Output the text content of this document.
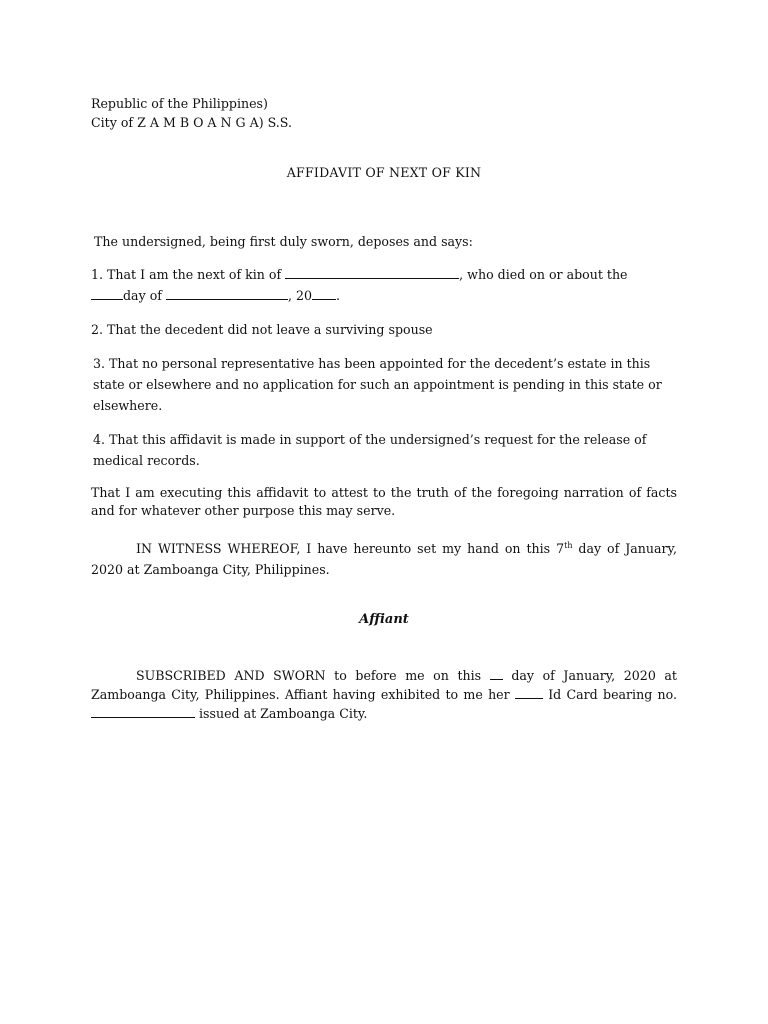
Republic of the Philippines)
City of Z A M B O A N G A) S.S.
AFFIDAVIT OF NEXT OF KIN
The undersigned, being first duly sworn, deposes and says:
1. That I am the next of kin of	, who died on or about the
day of	, 20 .
2. That the decedent did not leave a surviving spouse
3. That no personal representative has been appointed for the decedent’s estate in this state or elsewhere and no application for such an appointment is pending in this state or elsewhere.
4. That this affidavit is made in support of the undersigned’s request for the release of medical records.
That I am executing this affidavit to attest to the truth of the foregoing narration of facts and for whatever other purpose this may serve.
IN WITNESS WHEREOF, I have hereunto set my hand on this 7th day of January, 2020 at Zamboanga City, Philippines.
Affiant
SUBSCRIBED AND SWORN to before me on this  day of January, 2020 at Zamboanga City, Philippines. Affiant having exhibited to me her  Id Card bearing no.  issued at Zamboanga City.
